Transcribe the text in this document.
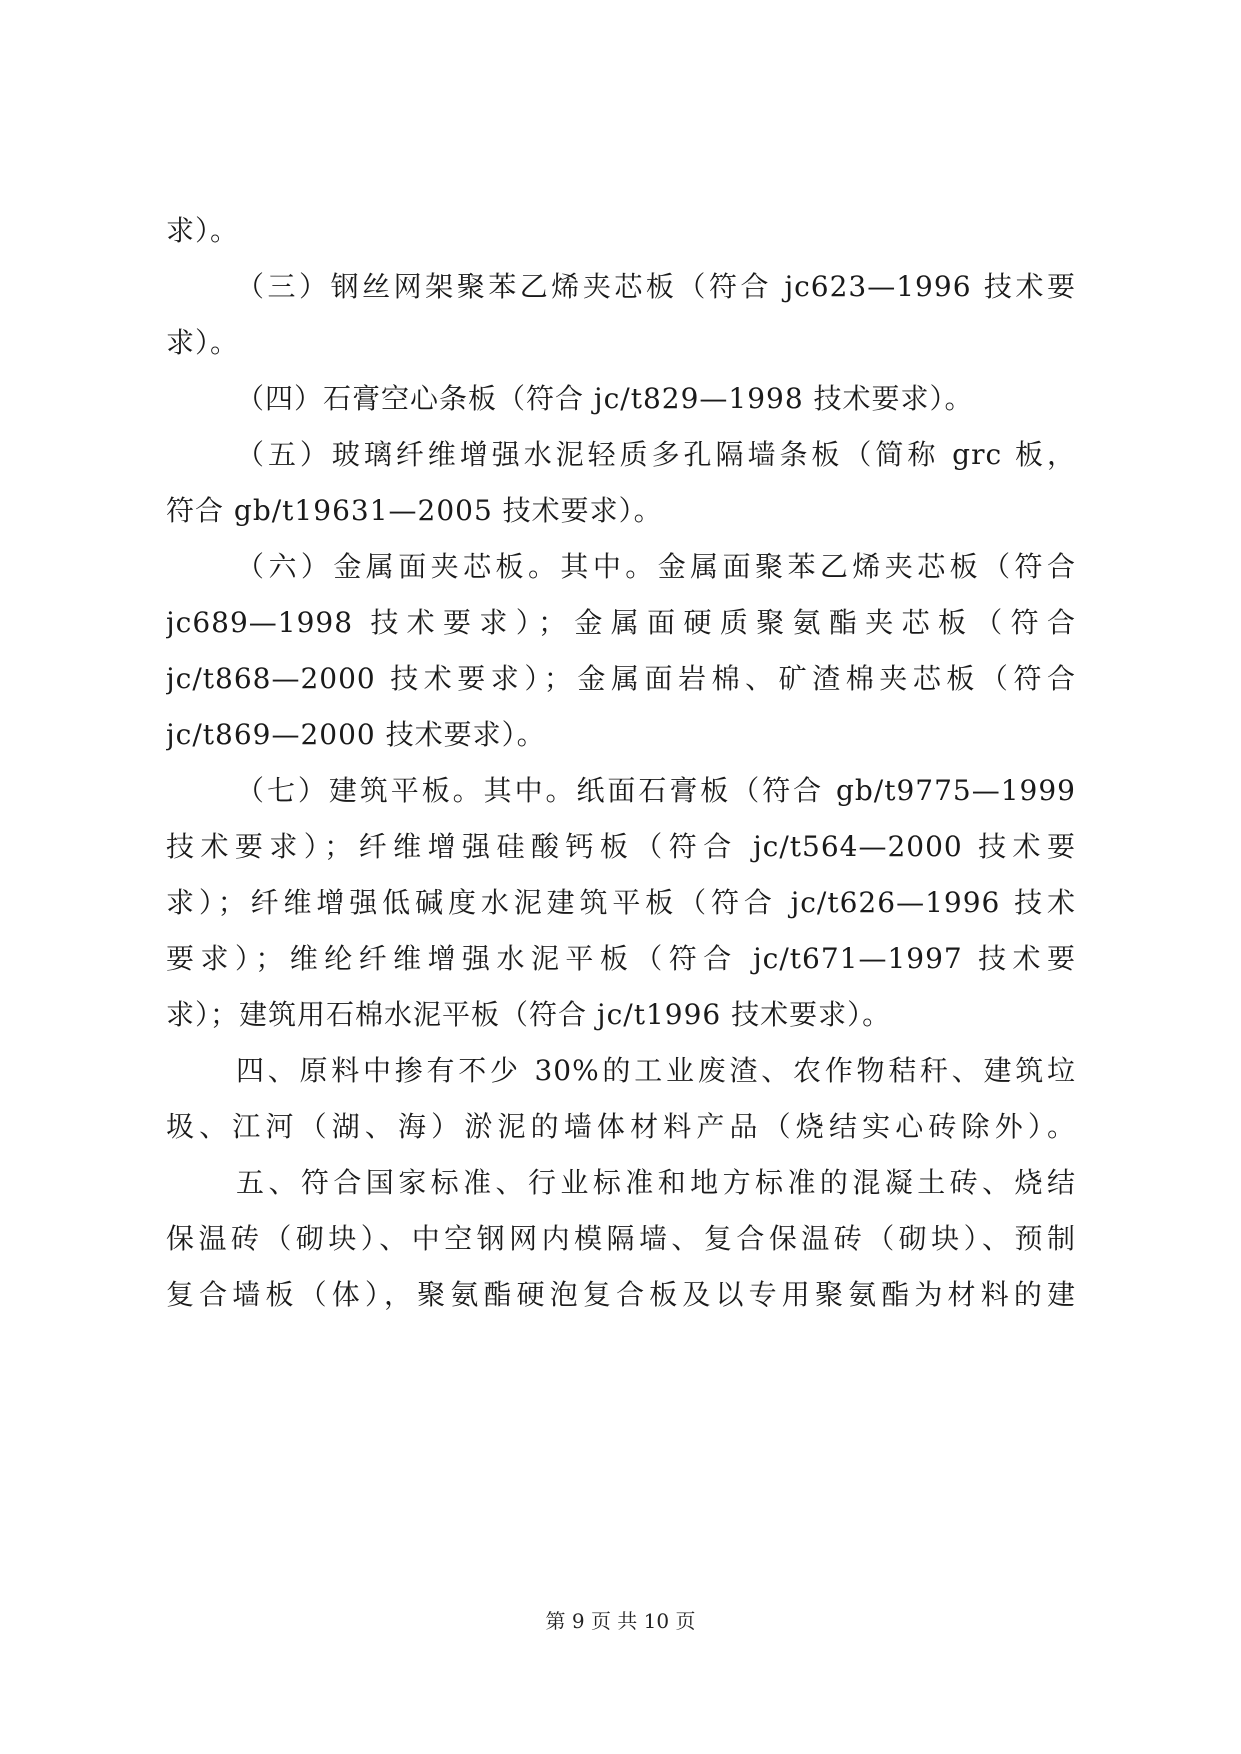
求）。
（三）钢丝网架聚苯乙烯夹芯板（符合 jc623—1996 技术要
求）。
（四）石膏空心条板（符合 jc/t829—1998 技术要求）。
（五）玻璃纤维增强水泥轻质多孔隔墙条板（简称 grc 板，
符合 gb/t19631—2005 技术要求）。
（六）金属面夹芯板。其中。金属面聚苯乙烯夹芯板（符合
jc689—1998 技术要求）；金属面硬质聚氨酯夹芯板（符合
jc/t868—2000 技术要求）；金属面岩棉、矿渣棉夹芯板（符合
jc/t869—2000 技术要求）。
（七）建筑平板。其中。纸面石膏板（符合 gb/t9775—1999
技术要求）；纤维增强硅酸钙板（符合 jc/t564—2000 技术要
求）；纤维增强低碱度水泥建筑平板（符合 jc/t626—1996 技术
要求）；维纶纤维增强水泥平板（符合 jc/t671—1997 技术要
求）；建筑用石棉水泥平板（符合 jc/t1996 技术要求）。
四、原料中掺有不少 30%的工业废渣、农作物秸秆、建筑垃
圾、江河（湖、海）淤泥的墙体材料产品（烧结实心砖除外）。
五、符合国家标准、行业标准和地方标准的混凝土砖、烧结
保温砖（砌块）、中空钢网内模隔墙、复合保温砖（砌块）、预制
复合墙板（体），聚氨酯硬泡复合板及以专用聚氨酯为材料的建
第 9 页 共 10 页
